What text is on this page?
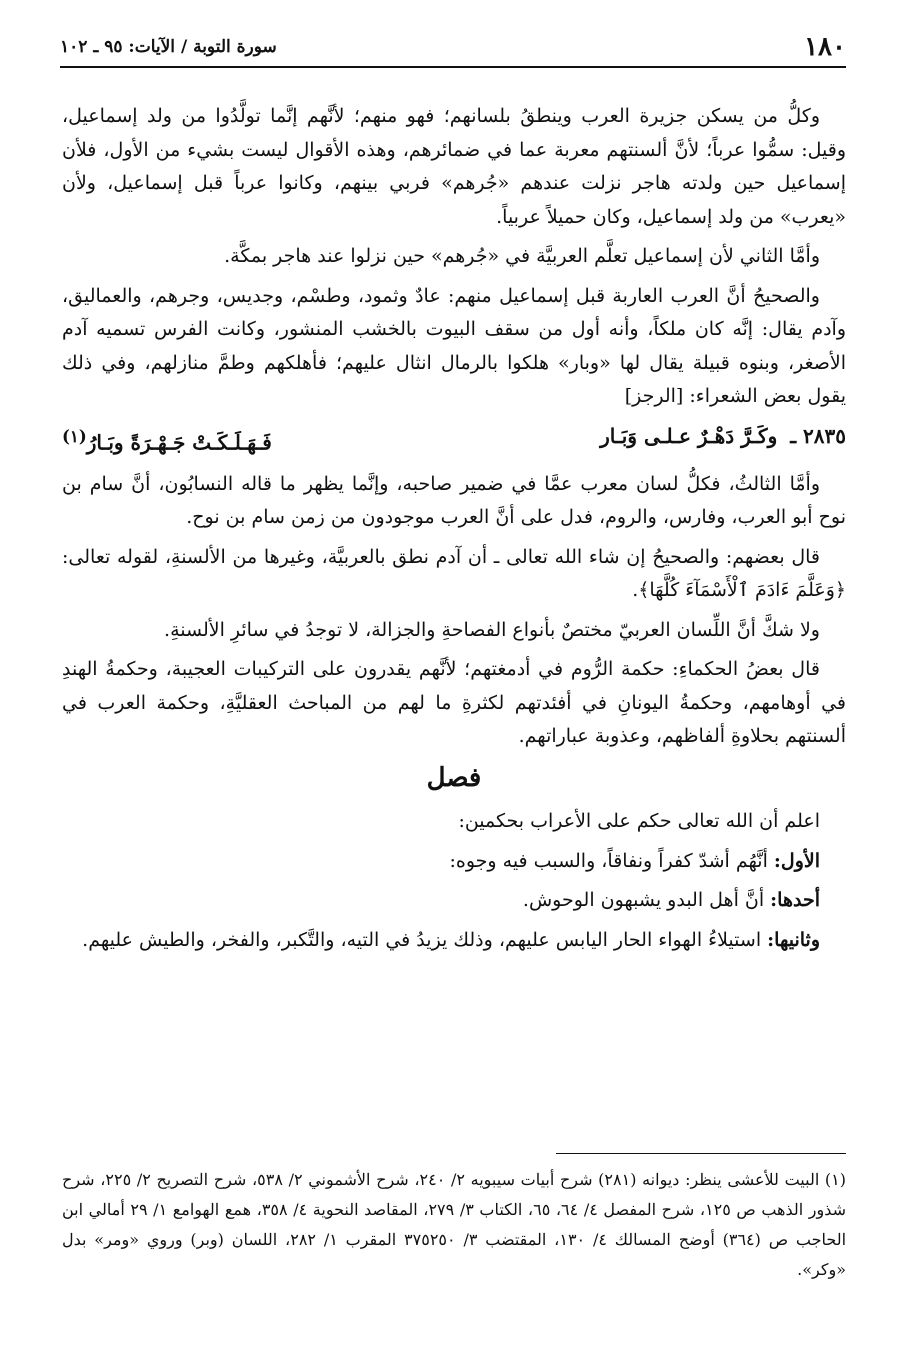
١٨٠
سورة التوبة / الآيات: ٩٥ ـ ١٠٢

وكلُّ من يسكن جزيرة العرب وينطقُ بلسانهم؛ فهو منهم؛ لأنَّهم إنَّما تولَّدُوا من ولد إسماعيل، وقيل: سمُّوا عرباً؛ لأنَّ ألسنتهم معربة عما في ضمائرهم، وهذه الأقوال ليست بشيء من الأول، فلأن إسماعيل حين ولدته هاجر نزلت عندهم «جُرهم» فربي بينهم، وكانوا عرباً قبل إسماعيل، ولأن «يعرب» من ولد إسماعيل، وكان حميلاً عربياً.

وأمَّا الثاني لأن إسماعيل تعلَّم العربيَّة في «جُرهم» حين نزلوا عند هاجر بمكَّة.

والصحيحُ أنَّ العرب العاربة قبل إسماعيل منهم: عادٌ وثمود، وطسْم، وجديس، وجرهم، والعماليق، وآدم يقال: إنَّه كان ملكاً، وأنه أول من سقف البيوت بالخشب المنشور، وكانت الفرس تسميه آدم الأصغر، وبنوه قبيلة يقال لها «وبار» هلكوا بالرمال انثال عليهم؛ فأهلكهم وطمَّ منازلهم، وفي ذلك يقول بعض الشعراء: [الرجز]

٢٨٣٥ ـ وكَـرَّ دَهْـرٌ عـلـى وَبَـار
فَـهَـلَـكَـتْ جَـهْـرَةً وبَـارُ$^{(١)}$

وأمَّا الثالثُ، فكلُّ لسان معرب عمَّا في ضمير صاحبه، وإنَّما يظهر ما قاله النسابُون، أنَّ سام بن نوح أبو العرب، وفارس، والروم، فدل على أنَّ العرب موجودون من زمن سام بن نوح.

قال بعضهم: والصحيحُ إن شاء الله تعالى ـ أن آدم نطق بالعربيَّة، وغيرها من الألسنةِ، لقوله تعالى: ﴿وَعَلَّمَ ءَادَمَ ٱلْأَسْمَآءَ كُلَّهَا﴾.

ولا شكَّ أنَّ اللِّسان العربيّ مختصٌ بأنواع الفصاحةِ والجزالة، لا توجدُ في سائرِ الألسنةِ.

قال بعضُ الحكماءِ: حكمة الرُّوم في أدمغتهم؛ لأنَّهم يقدرون على التركيبات العجيبة، وحكمةُ الهندِ في أوهامهم، وحكمةُ اليونانِ في أفئدتهم لكثرةِ ما لهم من المباحث العقليَّةِ، وحكمة العرب في ألسنتهم بحلاوةِ ألفاظهم، وعذوبة عباراتهم.

فصل

اعلم أن الله تعالى حكم على الأعراب بحكمين:

الأول: أنَّهُم أشدّ كفراً ونفاقاً، والسبب فيه وجوه:

أحدها: أنَّ أهل البدو يشبهون الوحوش.

وثانيها: استيلاءُ الهواء الحار اليابس عليهم، وذلك يزيدُ في التيه، والتَّكبر، والفخر، والطيش عليهم.

(١) البيت للأعشى ينظر: ديوانه (٢٨١) شرح أبيات سيبويه ٢/ ٢٤٠، شرح الأشموني ٢/ ٥٣٨، شرح التصريح ٢/ ٢٢٥، شرح شذور الذهب ص ١٢٥، شرح المفصل ٤/ ٦٤، ٦٥، الكتاب ٣/ ٢٧٩، المقاصد النحوية ٤/ ٣٥٨، همع الهوامع ١/ ٢٩ أمالي ابن الحاجب ص (٣٦٤) أوضح المسالك ٤/ ١٣٠، المقتضب ٣/ ٣٧٥٢٥٠ المقرب ١/ ٢٨٢، اللسان (وبر) وروي «ومر» بدل «وكر».
